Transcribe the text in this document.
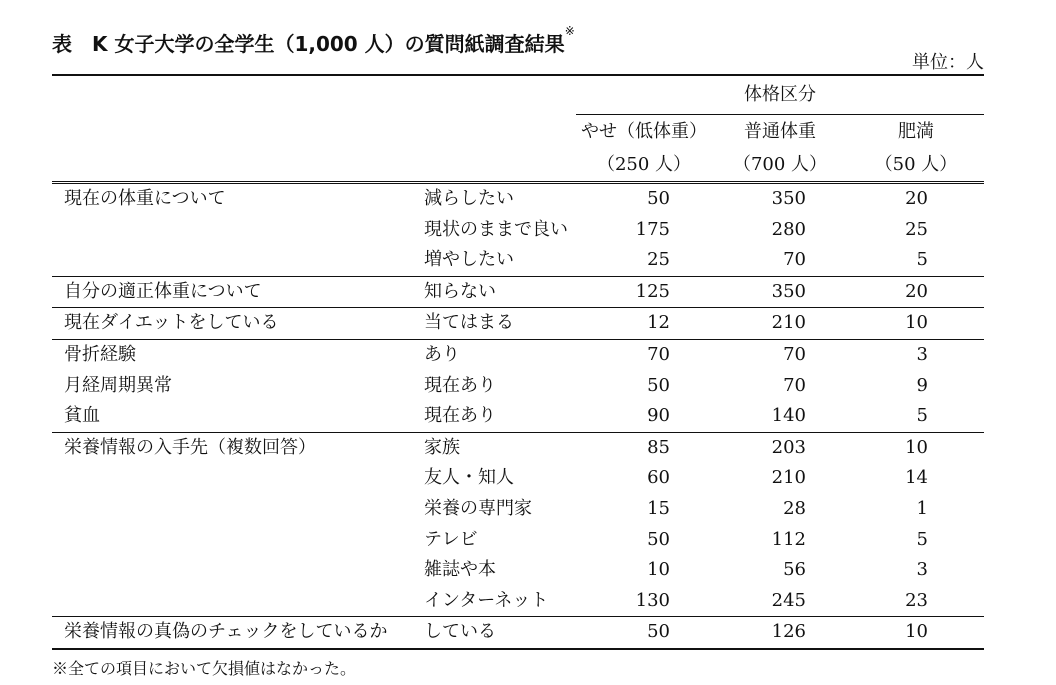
表　K 女子大学の全学生（1,000 人）の質問紙調査結果※
単位：人
		体格区分		
		やせ（低体重）	普通体重	肥満
		（250 人）	（700 人）	（50 人）
現在の体重について	減らしたい	50	350	20
	現状のままで良い	175	280	25
	増やしたい	25	70	5
自分の適正体重について	知らない	125	350	20
現在ダイエットをしている	当てはまる	12	210	10
骨折経験	あり	70	70	3
月経周期異常	現在あり	50	70	9
貧血	現在あり	90	140	5
栄養情報の入手先（複数回答）	家族	85	203	10
	友人・知人	60	210	14
	栄養の専門家	15	28	1
	テレビ	50	112	5
	雑誌や本	10	56	3
	インターネット	130	245	23
栄養情報の真偽のチェックをしているか	している	50	126	10
※全ての項目において欠損値はなかった。
